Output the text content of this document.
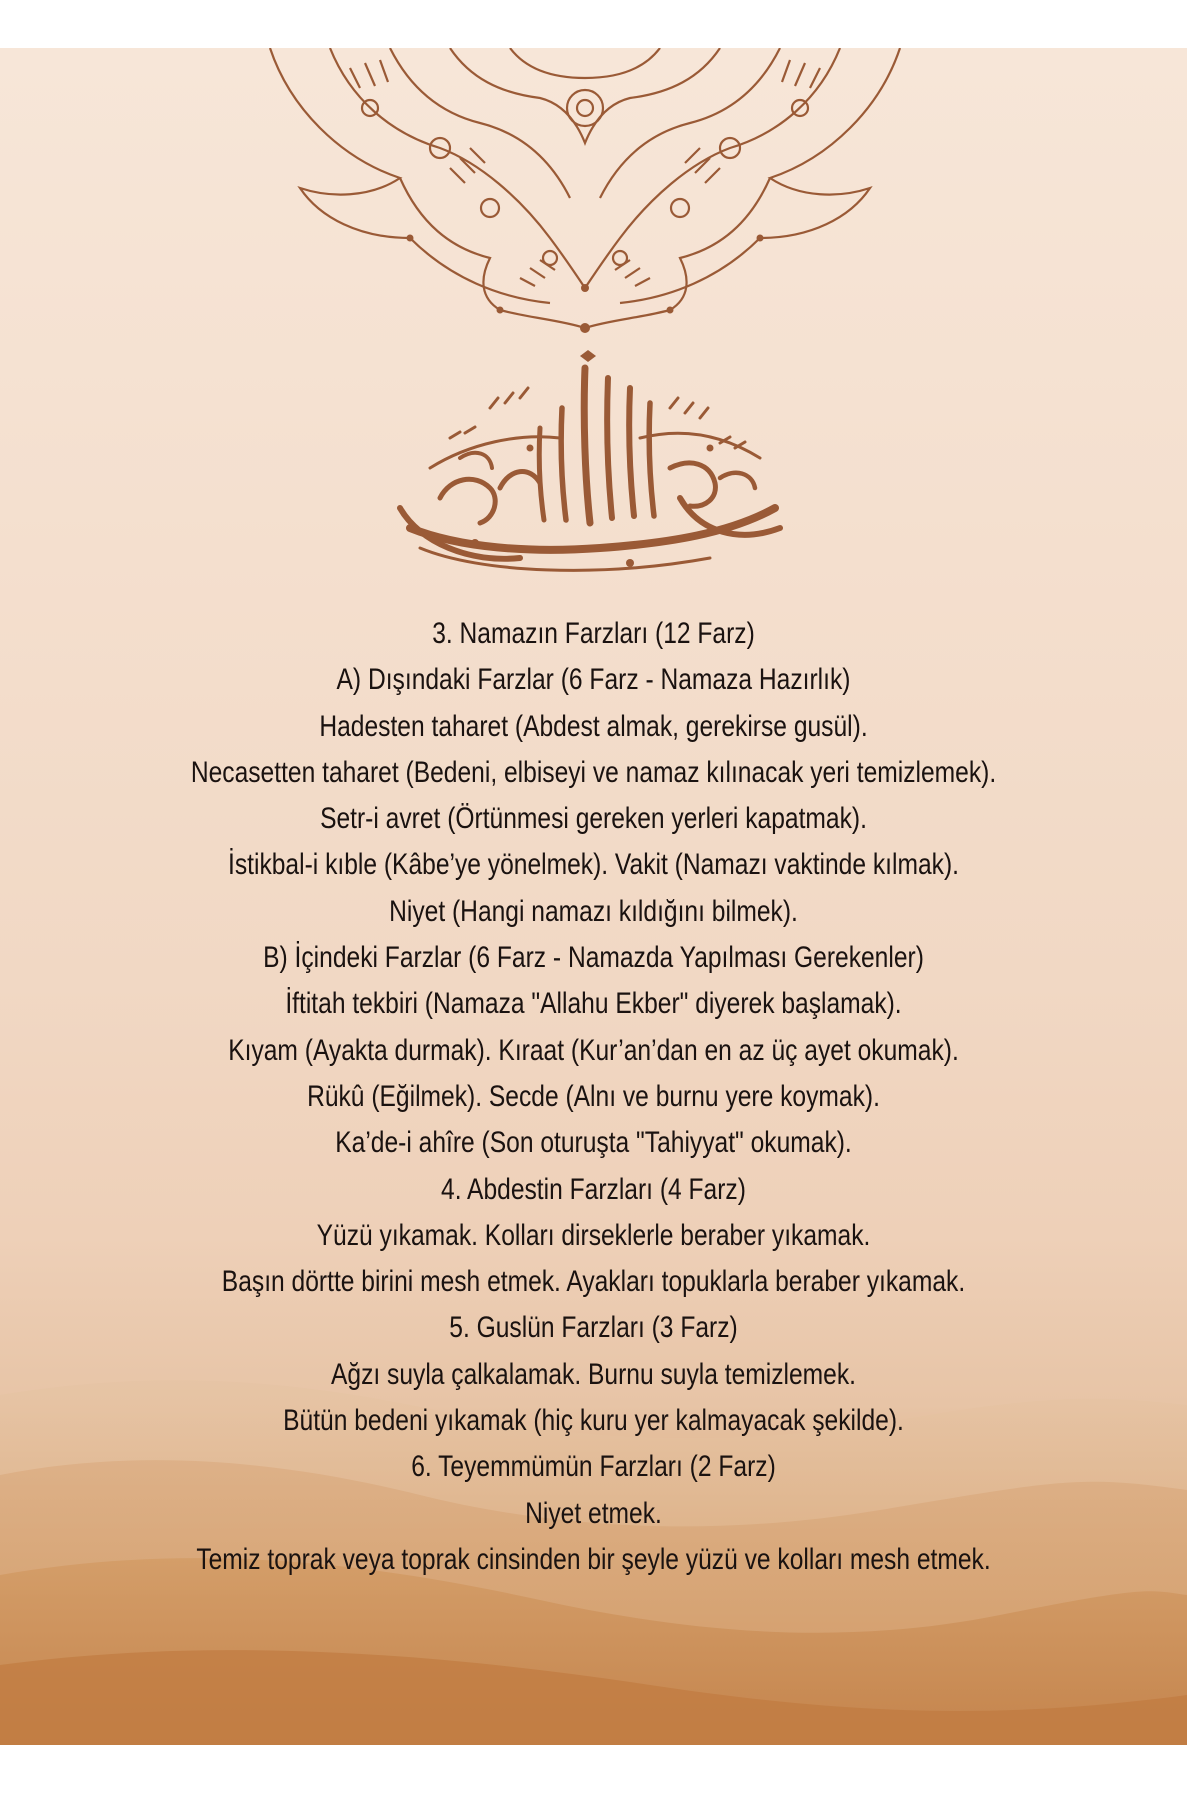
3. Namazın Farzları (12 Farz)
A) Dışındaki Farzlar (6 Farz - Namaza Hazırlık)
Hadesten taharet (Abdest almak, gerekirse gusül).
Necasetten taharet (Bedeni, elbiseyi ve namaz kılınacak yeri temizlemek).
Setr-i avret (Örtünmesi gereken yerleri kapatmak).
İstikbal-i kıble (Kâbe’ye yönelmek). Vakit (Namazı vaktinde kılmak).
Niyet (Hangi namazı kıldığını bilmek).
B) İçindeki Farzlar (6 Farz - Namazda Yapılması Gerekenler)
İftitah tekbiri (Namaza "Allahu Ekber" diyerek başlamak).
Kıyam (Ayakta durmak). Kıraat (Kur’an’dan en az üç ayet okumak).
Rükû (Eğilmek). Secde (Alnı ve burnu yere koymak).
Ka’de-i ahîre (Son oturuşta "Tahiyyat" okumak).
4. Abdestin Farzları (4 Farz)
Yüzü yıkamak. Kolları dirseklerle beraber yıkamak.
Başın dörtte birini mesh etmek. Ayakları topuklarla beraber yıkamak.
5. Guslün Farzları (3 Farz)
Ağzı suyla çalkalamak. Burnu suyla temizlemek.
Bütün bedeni yıkamak (hiç kuru yer kalmayacak şekilde).
6. Teyemmümün Farzları (2 Farz)
Niyet etmek.
Temiz toprak veya toprak cinsinden bir şeyle yüzü ve kolları mesh etmek.
